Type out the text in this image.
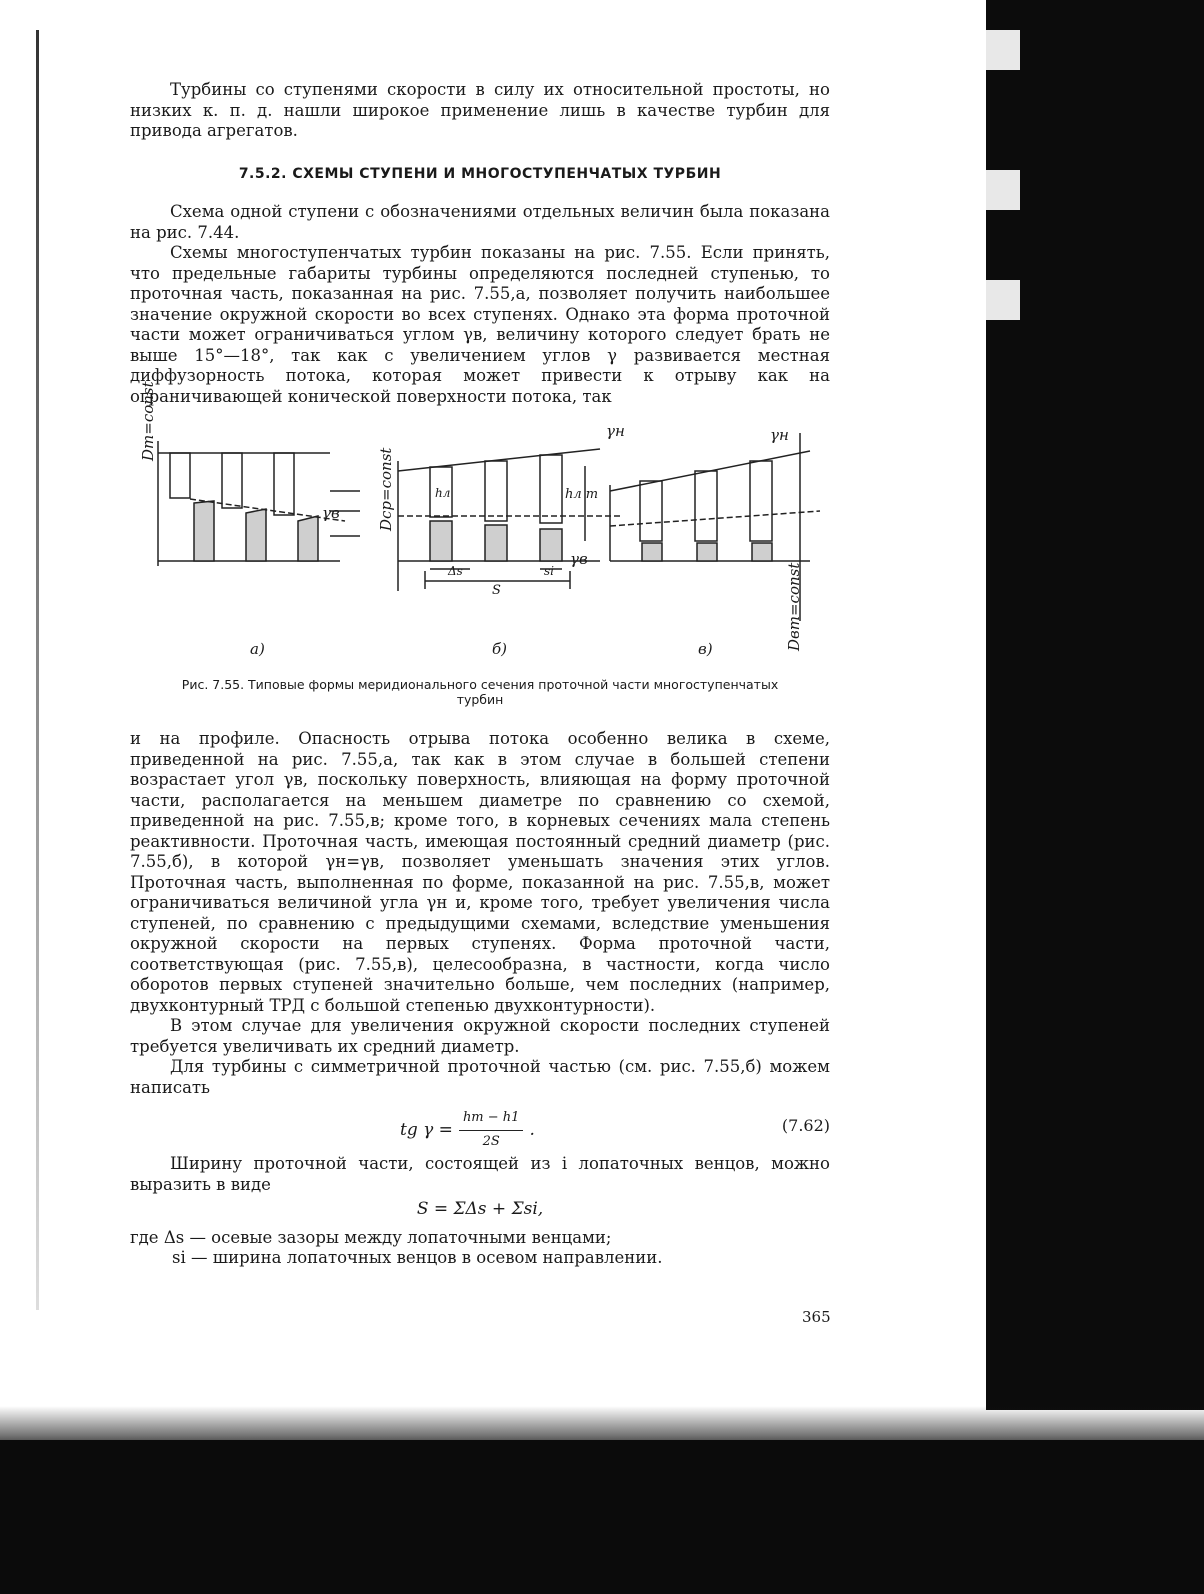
Турбины со ступенями скорости в силу их относительной простоты, но низких к. п. д. нашли широкое применение лишь в качестве турбин для привода агрегатов.

7.5.2. СХЕМЫ СТУПЕНИ И МНОГОСТУПЕНЧАТЫХ ТУРБИН

Схема одной ступени с обозначениями отдельных величин была показана на рис. 7.44.

Схемы многоступенчатых турбин показаны на рис. 7.55. Если принять, что предельные габариты турбины определяются последней ступенью, то проточная часть, показанная на рис. 7.55,а, позволяет получить наибольшее значение окружной скорости во всех ступенях. Однако эта форма проточной части может ограничиваться углом γв, величину которого следует брать не выше 15°—18°, так как с увеличением углов γ развивается местная диффузорность потока, которая может привести к отрыву как на ограничивающей конической поверхности потока, так

Dт=const
Dср=const
Dвт=const
γв
γв
γн	γн
hл	hл т
Δs	si
S
а)	б)	в)
Рис. 7.55. Типовые формы меридионального сечения проточной части многоступенчатых турбин

и на профиле. Опасность отрыва потока особенно велика в схеме, приведенной на рис. 7.55,а, так как в этом случае в большей степени возрастает угол γв, поскольку поверхность, влияющая на форму проточной части, располагается на меньшем диаметре по сравнению со схемой, приведенной на рис. 7.55,в; кроме того, в корневых сечениях мала степень реактивности. Проточная часть, имеющая постоянный средний диаметр (рис. 7.55,б), в которой γн=γв, позволяет уменьшать значения этих углов. Проточная часть, выполненная по форме, показанной на рис. 7.55,в, может ограничиваться величиной угла γн и, кроме того, требует увеличения числа ступеней, по сравнению с предыдущими схемами, вследствие уменьшения окружной скорости на первых ступенях. Форма проточной части, соответствующая (рис. 7.55,в), целесообразна, в частности, когда число оборотов первых ступеней значительно больше, чем последних (например, двухконтурный ТРД с большой степенью двухконтурности).

В этом случае для увеличения окружной скорости последних ступеней требуется увеличивать их средний диаметр.

Для турбины с симметричной проточной частью (см. рис. 7.55,б) можем написать

tg $\gamma = \frac{hт - h1}{2S}$ .	(7.62)

Ширину проточной части, состоящей из i лопаточных венцов, можно выразить в виде

S = ΣΔs + Σsi,

где Δs — осевые зазоры между лопаточными венцами;

si — ширина лопаточных венцов в осевом направлении.

365
